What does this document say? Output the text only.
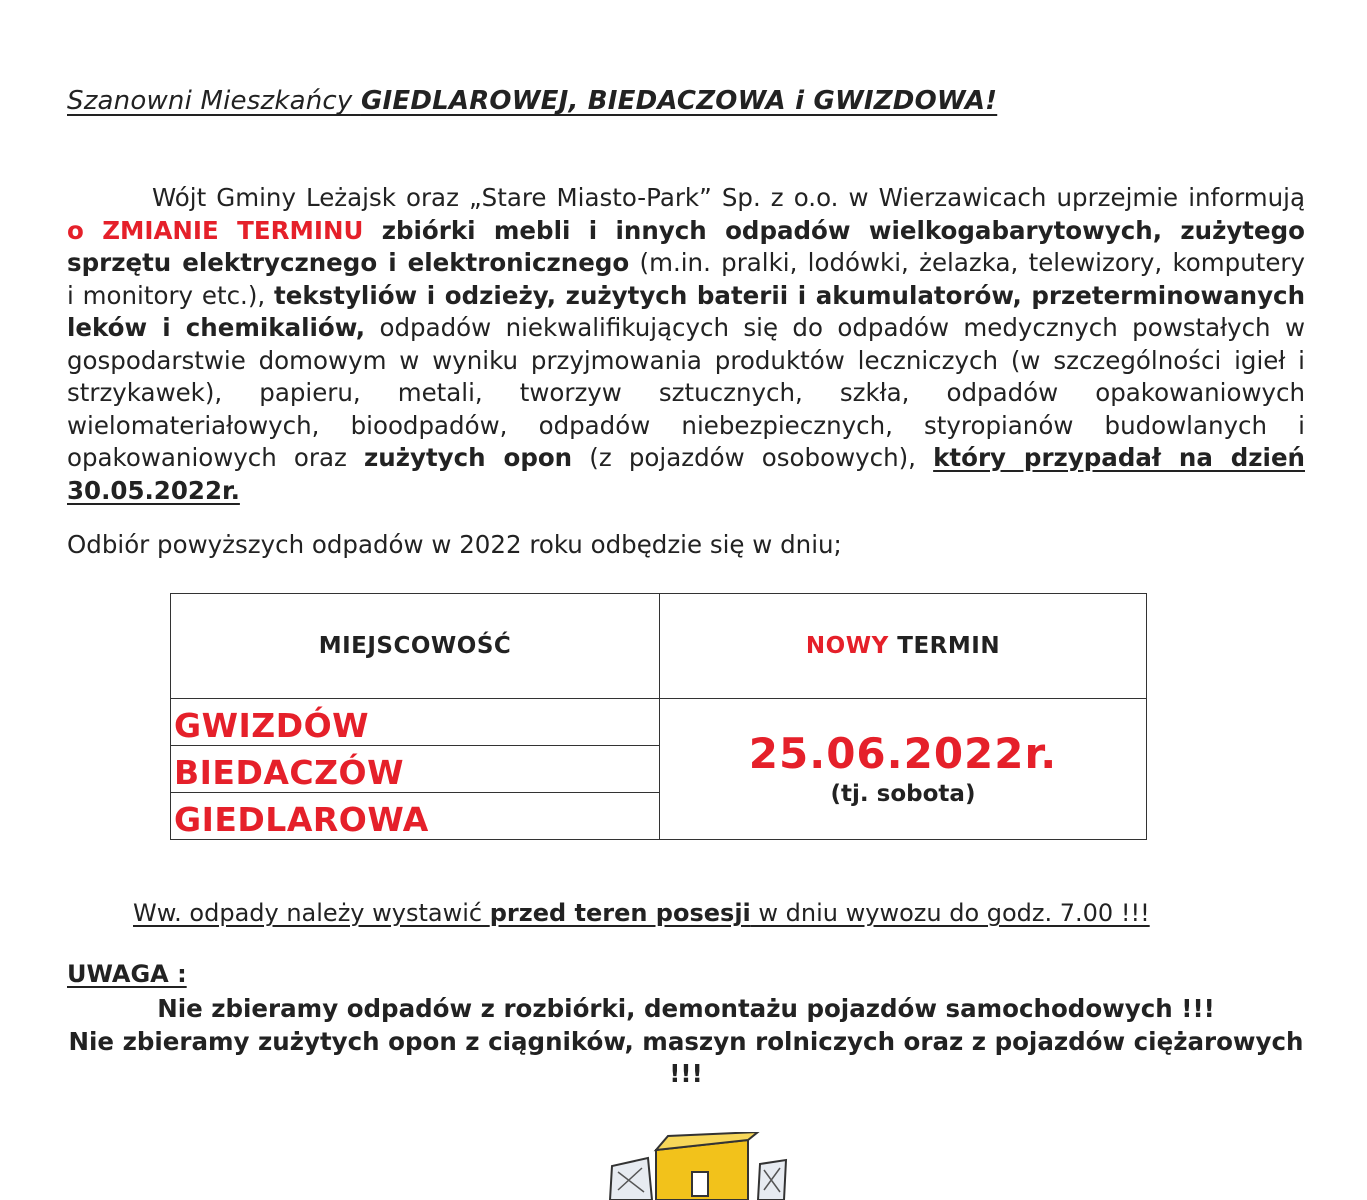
Szanowni Mieszkańcy GIEDLAROWEJ, BIEDACZOWA i GWIZDOWA!
Wójt Gminy Leżajsk oraz „Stare Miasto-Park” Sp. z o.o. w Wierzawicach uprzejmie informują o ZMIANIE TERMINU zbiórki mebli i innych odpadów wielkogabarytowych, zużytego sprzętu elektrycznego i elektronicznego (m.in. pralki, lodówki, żelazka, telewizory, komputery i monitory etc.), tekstyliów i odzieży, zużytych baterii i akumulatorów, przeterminowanych leków i chemikaliów, odpadów niekwalifikujących się do odpadów medycznych powstałych w gospodarstwie domowym w wyniku przyjmowania produktów leczniczych (w szczególności igieł i strzykawek), papieru, metali, tworzyw sztucznych, szkła, odpadów opakowaniowych wielomateriałowych, bioodpadów, odpadów niebezpiecznych, styropianów budowlanych i opakowaniowych oraz zużytych opon (z pojazdów osobowych), który przypadał na dzień 30.05.2022r.
Odbiór powyższych odpadów w 2022 roku odbędzie się w dniu;
MIEJSCOWOŚĆ	NOWY TERMIN
GWIZDÓW	25.06.2022r.
(tj. sobota)

BIEDACZÓW	
GIEDLAROWA	
Ww. odpady należy wystawić przed teren posesji w dniu wywozu do godz. 7.00 !!!
UWAGA :
Nie zbieramy odpadów z rozbiórki, demontażu pojazdów samochodowych !!!
Nie zbieramy zużytych opon z ciągników, maszyn rolniczych oraz z pojazdów ciężarowych !!!
